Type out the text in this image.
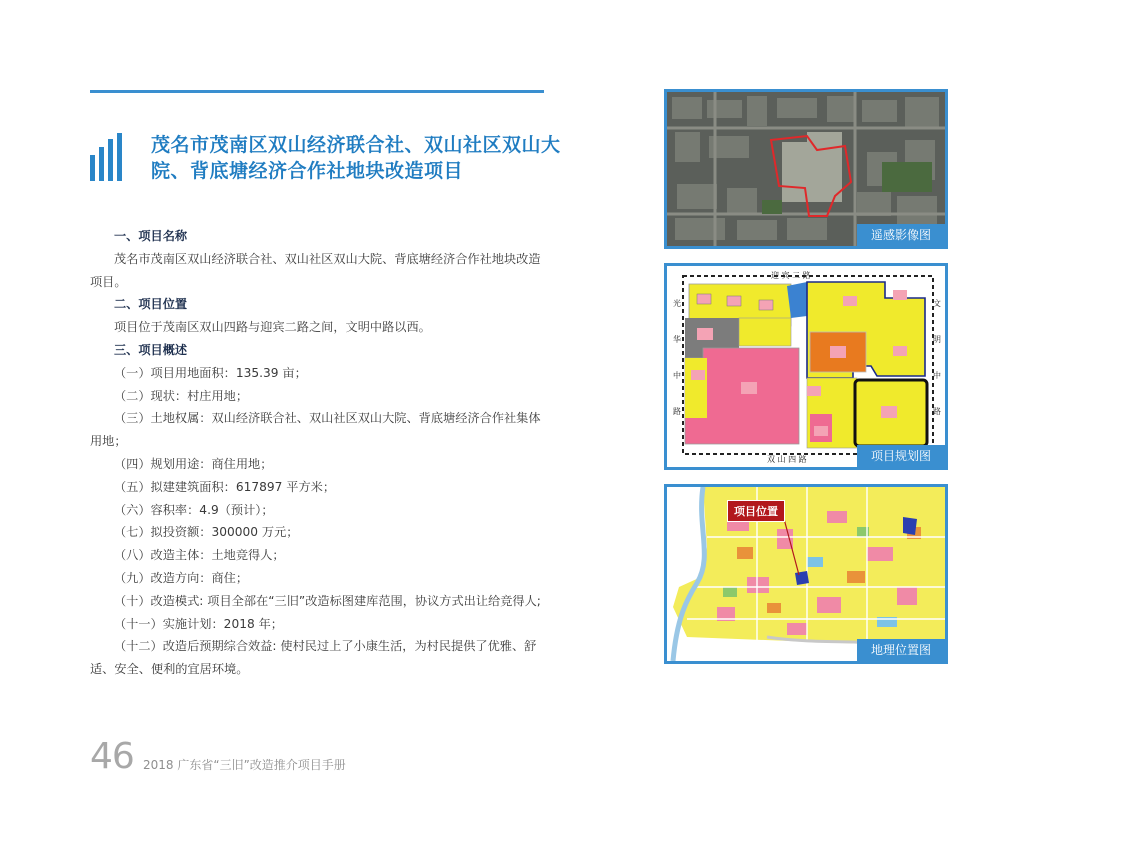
茂名市茂南区双山经济联合社、双山社区双山大院、背底塘经济合作社地块改造项目
一、项目名称
茂名市茂南区双山经济联合社、双山社区双山大院、背底塘经济合作社地块改造项目。
二、项目位置
项目位于茂南区双山四路与迎宾二路之间，文明中路以西。
三、项目概述
（一）项目用地面积：135.39 亩；
（二）现状：村庄用地；
（三）土地权属：双山经济联合社、双山社区双山大院、背底塘经济合作社集体用地；
（四）规划用途：商住用地；
（五）拟建建筑面积：617897 平方米；
（六）容积率：4.9（预计）；
（七）拟投资额：300000 万元；
（八）改造主体：土地竞得人；
（九）改造方向：商住；
（十）改造模式: 项目全部在“三旧”改造标图建库范围，协议方式出让给竞得人;
（十一）实施计划：2018 年；
（十二）改造后预期综合效益: 使村民过上了小康生活，为村民提供了优雅、舒适、安全、便利的宜居环境。
遥感影像图
迎 宾 二 路
双 山 四 路
光
华
中
路
文
明
中
路
项目规划图
项目位置
地理位置图
46 2018 广东省“三旧”改造推介项目手册
